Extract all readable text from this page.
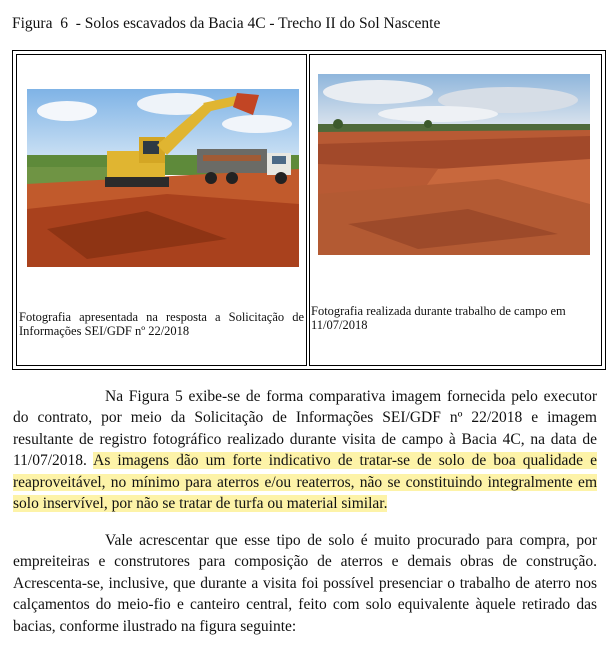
Figura  6  - Solos escavados da Bacia 4C - Trecho II do Sol Nascente
Fotografia apresentada na resposta a Solicitação de Informações SEI/GDF nº 22/2018
Fotografia realizada durante trabalho de campo em 11/07/2018
Na Figura 5 exibe-se de forma comparativa imagem fornecida pelo executor do contrato, por meio da Solicitação de Informações SEI/GDF nº 22/2018 e imagem resultante de registro fotográfico realizado durante visita de campo à Bacia 4C, na data de 11/07/2018. As imagens dão um forte indicativo de tratar-se de solo de boa qualidade e reaproveitável, no mínimo para aterros e/ou reaterros, não se constituindo integralmente em solo inservível, por não se tratar de turfa ou material similar.
Vale acrescentar que esse tipo de solo é muito procurado para compra, por empreiteiras e construtores para composição de aterros e demais obras de construção. Acrescenta-se, inclusive, que durante a visita foi possível presenciar o trabalho de aterro nos calçamentos do meio-fio e canteiro central, feito com solo equivalente àquele retirado das bacias, conforme ilustrado na figura seguinte:
